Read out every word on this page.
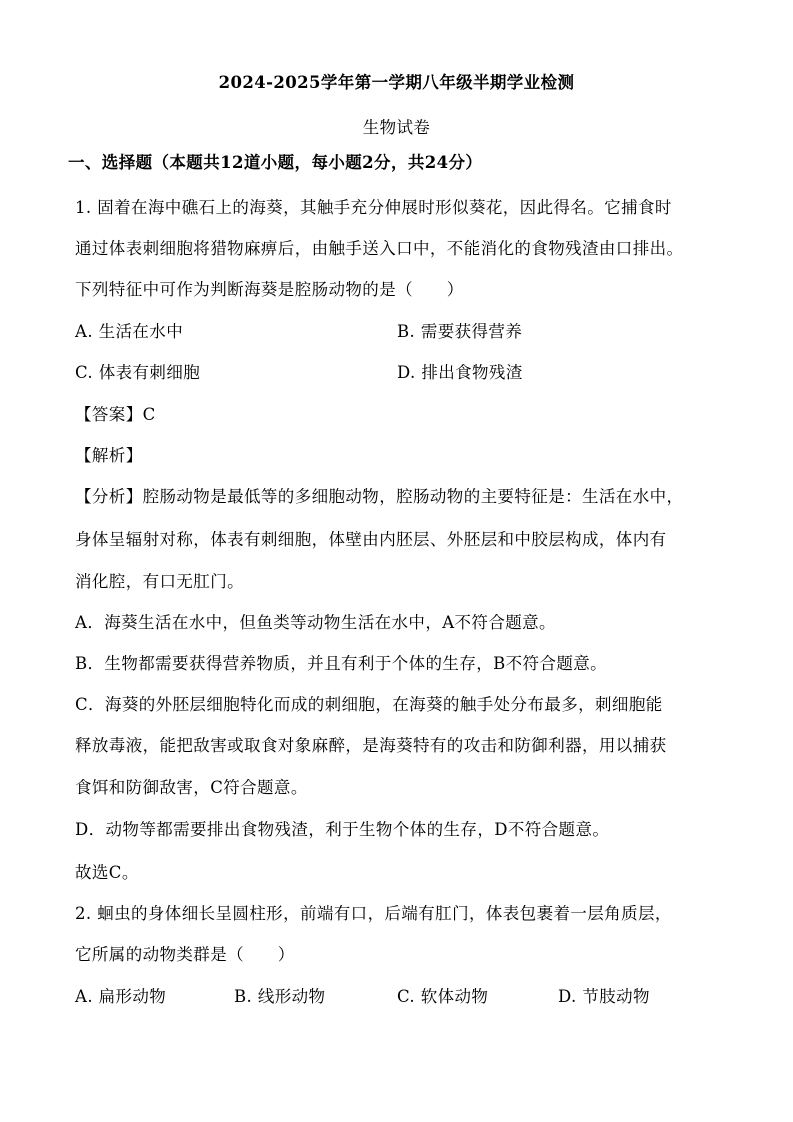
2024-2025学年第一学期八年级半期学业检测
生物试卷
一、选择题（本题共12道小题，每小题2分，共24分）
1. 固着在海中礁石上的海葵，其触手充分伸展时形似葵花，因此得名。它捕食时
通过体表刺细胞将猎物麻痹后，由触手送入口中，不能消化的食物残渣由口排出。
下列特征中可作为判断海葵是腔肠动物的是（　　）
A. 生活在水中	B. 需要获得营养
C. 体表有刺细胞	D. 排出食物残渣
【答案】C
【解析】
【分析】腔肠动物是最低等的多细胞动物，腔肠动物的主要特征是：生活在水中，
身体呈辐射对称，体表有刺细胞，体壁由内胚层、外胚层和中胶层构成，体内有
消化腔，有口无肛门。
A．海葵生活在水中，但鱼类等动物生活在水中，A不符合题意。
B．生物都需要获得营养物质，并且有利于个体的生存，B不符合题意。
C．海葵的外胚层细胞特化而成的刺细胞，在海葵的触手处分布最多，刺细胞能
释放毒液，能把敌害或取食对象麻醉，是海葵特有的攻击和防御利器，用以捕获
食饵和防御敌害，C符合题意。
D．动物等都需要排出食物残渣，利于生物个体的生存，D不符合题意。
故选C。
2. 蛔虫的身体细长呈圆柱形，前端有口，后端有肛门，体表包裹着一层角质层，
它所属的动物类群是（　　）
A. 扁形动物	B. 线形动物	C. 软体动物	D. 节肢动物
